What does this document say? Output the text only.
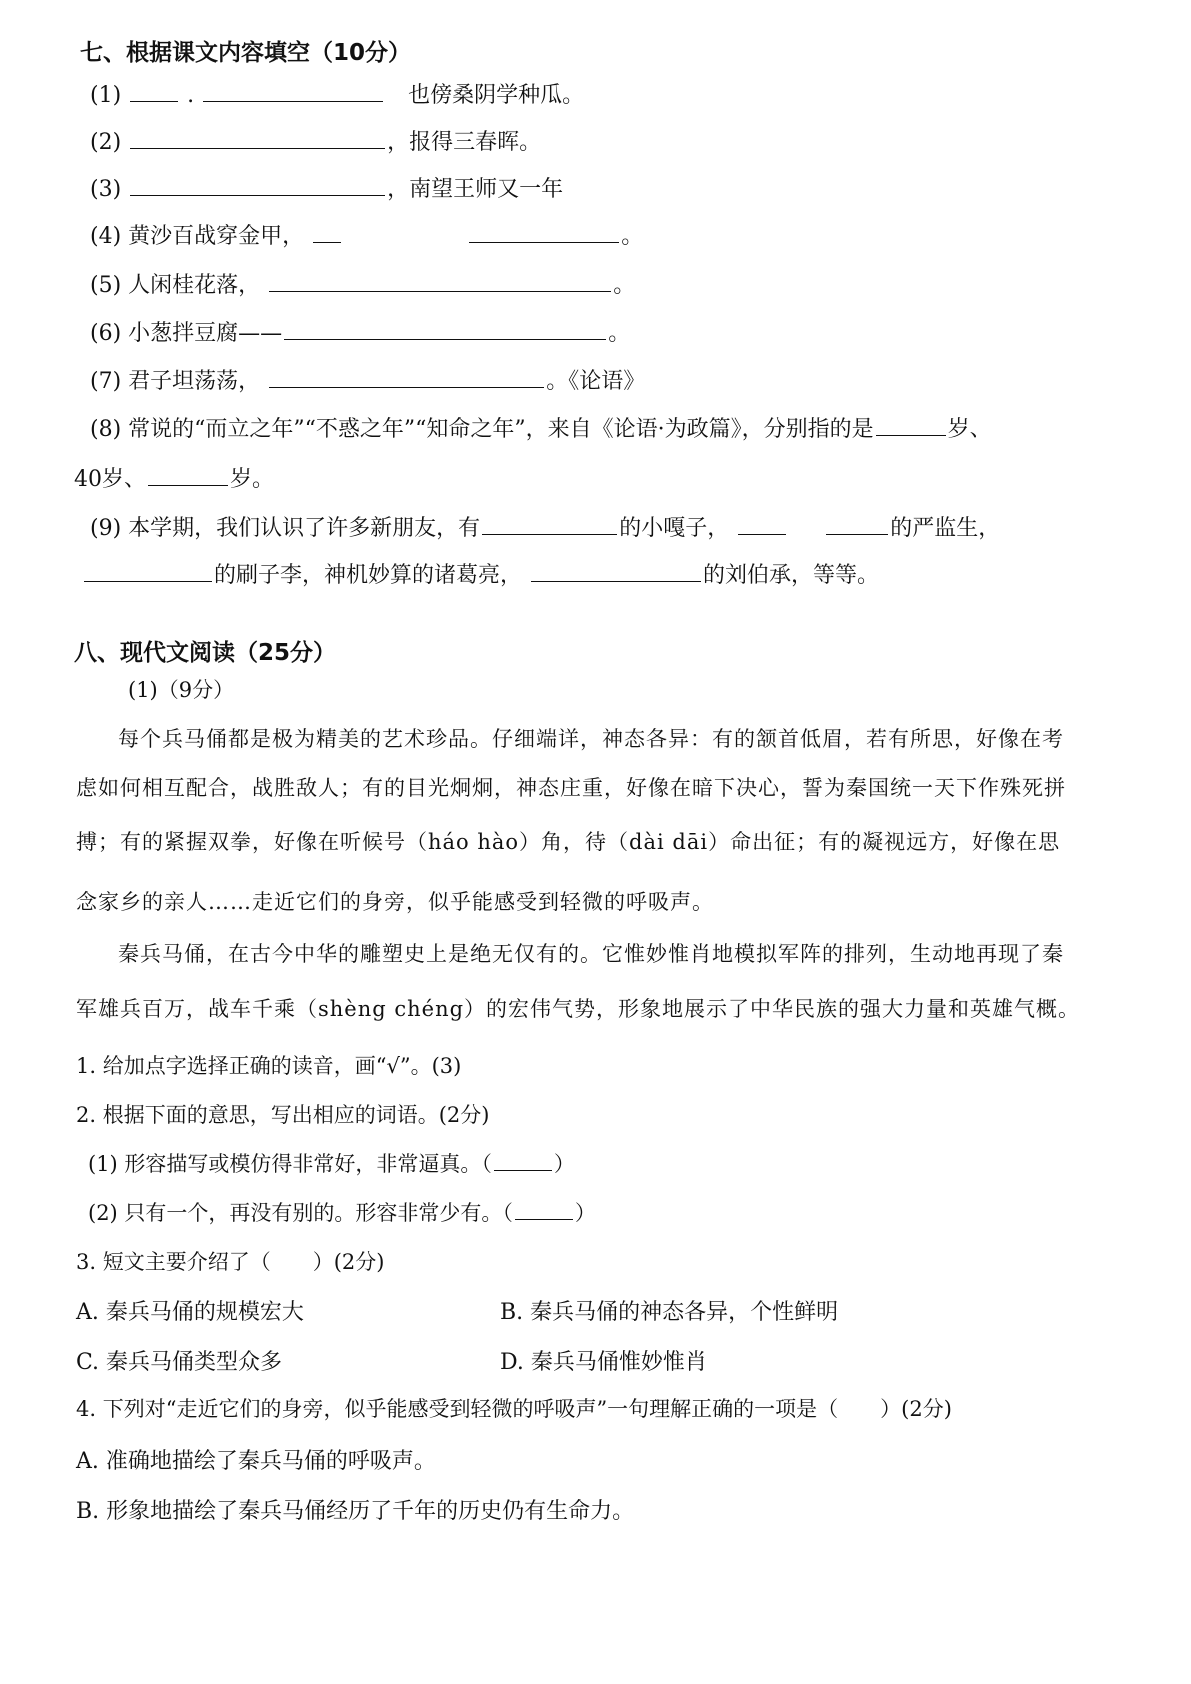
七、根据课文内容填空（10分）
(1)	.	也傍桑阴学种瓜。
(2)	，报得三春晖。
(3)	，南望王师又一年
(4) 黄沙百战穿金甲，	。
(5) 人闲桂花落，	。
(6) 小葱拌豆腐——	。
(7) 君子坦荡荡，	。《论语》
(8) 常说的“而立之年”“不惑之年”“知命之年”，来自《论语·为政篇》，分别指的是	岁、
40岁、	岁。
(9) 本学期，我们认识了许多新朋友，有	的小嘎子，	的严监生，
的刷子李，神机妙算的诸葛亮，	的刘伯承，等等。
八、现代文阅读（25分）
(1)（9分）
每个兵马俑都是极为精美的艺术珍品。仔细端详，神态各异：有的颔首低眉，若有所思，好像在考
虑如何相互配合，战胜敌人；有的目光炯炯，神态庄重，好像在暗下决心，誓为秦国统一天下作殊死拼
搏；有的紧握双拳，好像在听候号（háo hào）角，待（dài dāi）命出征；有的凝视远方，好像在思
念家乡的亲人……走近它们的身旁，似乎能感受到轻微的呼吸声。
秦兵马俑，在古今中华的雕塑史上是绝无仅有的。它惟妙惟肖地模拟军阵的排列，生动地再现了秦
军雄兵百万，战车千乘（shèng chéng）的宏伟气势，形象地展示了中华民族的强大力量和英雄气概。
1. 给加点字选择正确的读音，画“√”。(3)
2. 根据下面的意思，写出相应的词语。(2分)
(1) 形容描写或模仿得非常好，非常逼真。（	）
(2) 只有一个，再没有别的。形容非常少有。（	）
3. 短文主要介绍了（　　）(2分)
A. 秦兵马俑的规模宏大	B. 秦兵马俑的神态各异，个性鲜明
C. 秦兵马俑类型众多	D. 秦兵马俑惟妙惟肖
4. 下列对“走近它们的身旁，似乎能感受到轻微的呼吸声”一句理解正确的一项是（　　）(2分)
A. 准确地描绘了秦兵马俑的呼吸声。
B. 形象地描绘了秦兵马俑经历了千年的历史仍有生命力。
